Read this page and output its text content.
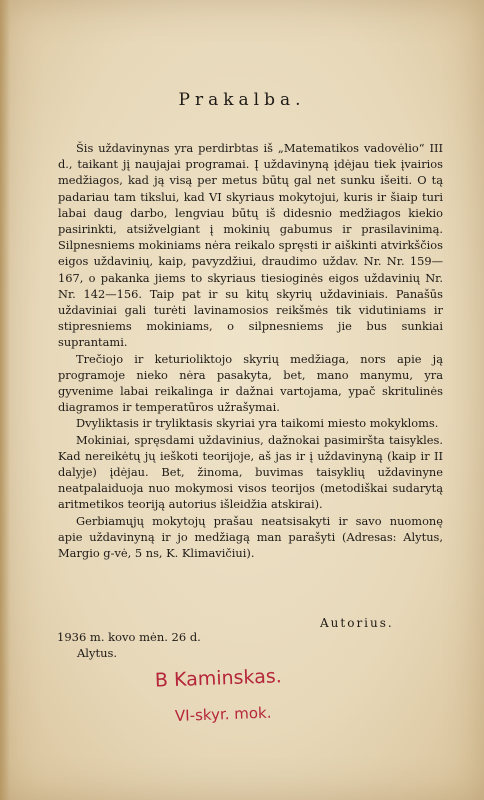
Prakalba.

Šis uždavinynas yra perdirbtas iš „Matematikos vadovėlio“ III d., taikant jį naujajai programai. Į uždavinyną įdėjau tiek įvairios medžiagos, kad ją visą per metus būtų gal net sunku išeiti. O tą padariau tam tikslui, kad VI skyriaus mokytojui, kuris ir šiaip turi labai daug darbo, lengviau būtų iš didesnio medžiagos kiekio pasirinkti, atsižvelgiant į mokinių gabumus ir prasilavinimą. Silpnesniems mokiniams nėra reikalo spręsti ir aiškinti atvirkščios eigos uždavinių, kaip, pavyzdžiui, draudimo uždav. Nr. Nr. 159—167, o pakanka jiems to skyriaus tiesioginės eigos uždavinių Nr. Nr. 142—156. Taip pat ir su kitų skyrių uždaviniais. Panašūs uždaviniai gali turėti lavinamosios reikšmės tik vidutiniams ir stipresniems mokiniams, o silpnesniems jie bus sunkiai suprantami.

Trečiojo ir keturioliktojo skyrių medžiaga, nors apie ją programoje nieko nėra pasakyta, bet, mano manymu, yra gyvenime labai reikalinga ir dažnai vartojama, ypač skritulinės diagramos ir temperatūros užrašymai.

Dvyliktasis ir tryliktasis skyriai yra taikomi miesto mokykloms.

Mokiniai, spręsdami uždavinius, dažnokai pasimiršta taisykles. Kad nereikėtų jų ieškoti teorijoje, aš jas ir į uždavinyną (kaip ir II dalyje) įdėjau. Bet, žinoma, buvimas taisyklių uždavinyne neatpalaiduoja nuo mokymosi visos teorijos (metodiškai sudarytą aritmetikos teoriją autorius išleidžia atskirai).

Gerbiamųjų mokytojų prašau neatsisakyti ir savo nuomonę apie uždavinyną ir jo medžiagą man parašyti (Adresas: Alytus, Margio g-vė, 5 ns, K. Klimavičiui).

Autorius.
1936 m. kovo mėn. 26 d.
Alytus.
B Kaminskas.
VI-skyr. mok.
